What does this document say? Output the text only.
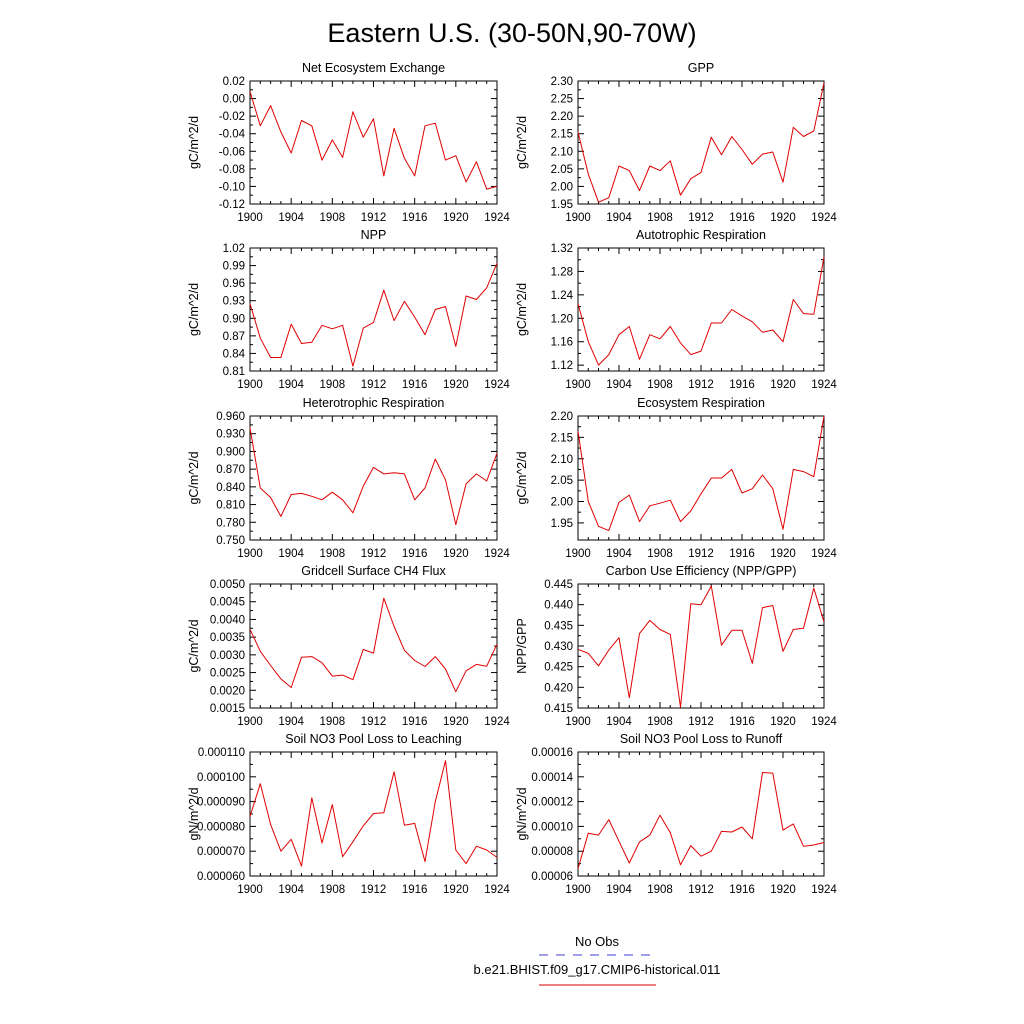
Eastern U.S. (30-50N,90-70W)
Net Ecosystem Exchange
gC/m^2/d
1900 1904 1908 1912 1916 1920 1924
0.02
0.00
-0.02
-0.04
-0.06
-0.08
-0.10
-0.12
GPP
gC/m^2/d
1900 1904 1908 1912 1916 1920 1924
2.30
2.25
2.20
2.15
2.10
2.05
2.00
1.95
NPP
gC/m^2/d
1900 1904 1908 1912 1916 1920 1924
1.02
0.99
0.96
0.93
0.90
0.87
0.84
0.81
Autotrophic Respiration
gC/m^2/d
1900 1904 1908 1912 1916 1920 1924
1.32
1.28
1.24
1.20
1.16
1.12
Heterotrophic Respiration
gC/m^2/d
1900 1904 1908 1912 1916 1920 1924
0.960
0.930
0.900
0.870
0.840
0.810
0.780
0.750
Ecosystem Respiration
gC/m^2/d
1900 1904 1908 1912 1916 1920 1924
2.20
2.15
2.10
2.05
2.00
1.95
Gridcell Surface CH4 Flux
gC/m^2/d
1900 1904 1908 1912 1916 1920 1924
0.0050
0.0045
0.0040
0.0035
0.0030
0.0025
0.0020
0.0015
Carbon Use Efficiency (NPP/GPP)
NPP/GPP
1900 1904 1908 1912 1916 1920 1924
0.445
0.440
0.435
0.430
0.425
0.420
0.415
Soil NO3 Pool Loss to Leaching
gN/m^2/d
1900 1904 1908 1912 1916 1920 1924
0.000110
0.000100
0.000090
0.000080
0.000070
0.000060
Soil NO3 Pool Loss to Runoff
gN/m^2/d
1900 1904 1908 1912 1916 1920 1924
0.00016
0.00014
0.00012
0.00010
0.00008
0.00006
No Obs
b.e21.BHIST.f09_g17.CMIP6-historical.011
